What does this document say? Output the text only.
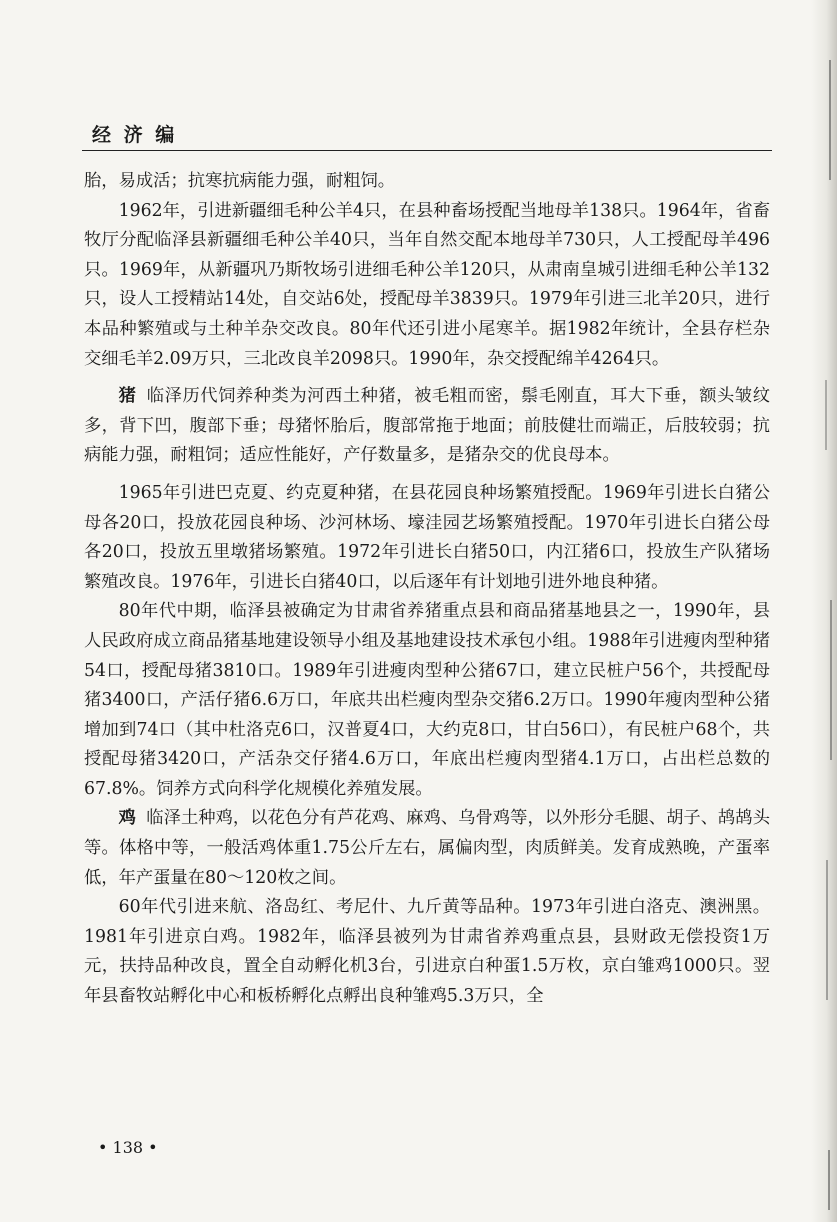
经 济 编

胎，易成活；抗寒抗病能力强，耐粗饲。

1962年，引进新疆细毛种公羊4只，在县种畜场授配当地母羊138只。1964年，省畜牧厅分配临泽县新疆细毛种公羊40只，当年自然交配本地母羊730只，人工授配母羊496只。1969年，从新疆巩乃斯牧场引进细毛种公羊120只，从肃南皇城引进细毛种公羊132只，设人工授精站14处，自交站6处，授配母羊3839只。1979年引进三北羊20只，进行本品种繁殖或与土种羊杂交改良。80年代还引进小尾寒羊。据1982年统计，全县存栏杂交细毛羊2.09万只，三北改良羊2098只。1990年，杂交授配绵羊4264只。

猪 临泽历代饲养种类为河西土种猪，被毛粗而密，鬃毛刚直，耳大下垂，额头皱纹多，背下凹，腹部下垂；母猪怀胎后，腹部常拖于地面；前肢健壮而端正，后肢较弱；抗病能力强，耐粗饲；适应性能好，产仔数量多，是猪杂交的优良母本。

1965年引进巴克夏、约克夏种猪，在县花园良种场繁殖授配。1969年引进长白猪公母各20口，投放花园良种场、沙河林场、壕洼园艺场繁殖授配。1970年引进长白猪公母各20口，投放五里墩猪场繁殖。1972年引进长白猪50口，内江猪6口，投放生产队猪场繁殖改良。1976年，引进长白猪40口，以后逐年有计划地引进外地良种猪。

80年代中期，临泽县被确定为甘肃省养猪重点县和商品猪基地县之一，1990年，县人民政府成立商品猪基地建设领导小组及基地建设技术承包小组。1988年引进瘦肉型种猪54口，授配母猪3810口。1989年引进瘦肉型种公猪67口，建立民桩户56个，共授配母猪3400口，产活仔猪6.6万口，年底共出栏瘦肉型杂交猪6.2万口。1990年瘦肉型种公猪增加到74口（其中杜洛克6口，汉普夏4口，大约克8口，甘白56口），有民桩户68个，共授配母猪3420口，产活杂交仔猪4.6万口，年底出栏瘦肉型猪4.1万口，占出栏总数的67.8%。饲养方式向科学化规模化养殖发展。

鸡 临泽土种鸡，以花色分有芦花鸡、麻鸡、乌骨鸡等，以外形分毛腿、胡子、鸪鸪头等。体格中等，一般活鸡体重1.75公斤左右，属偏肉型，肉质鲜美。发育成熟晚，产蛋率低，年产蛋量在80～120枚之间。

60年代引进来航、洛岛红、考尼什、九斤黄等品种。1973年引进白洛克、澳洲黑。1981年引进京白鸡。1982年，临泽县被列为甘肃省养鸡重点县，县财政无偿投资1万元，扶持品种改良，置全自动孵化机3台，引进京白种蛋1.5万枚，京白雏鸡1000只。翌年县畜牧站孵化中心和板桥孵化点孵出良种雏鸡5.3万只，全

• 138 •
